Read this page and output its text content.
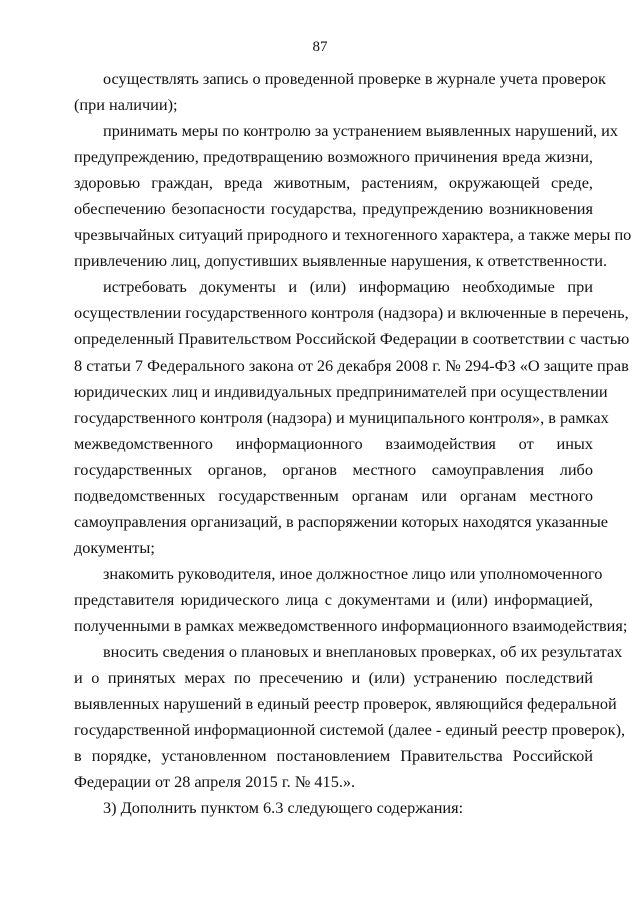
87
осуществлять запись о проведенной проверке в журнале учета проверок
(при наличии);
принимать меры по контролю за устранением выявленных нарушений, их
предупреждению, предотвращению возможного причинения вреда жизни,
здоровью граждан, вреда животным, растениям, окружающей среде,
обеспечению безопасности государства, предупреждению возникновения
чрезвычайных ситуаций природного и техногенного характера, а также меры по
привлечению лиц, допустивших выявленные нарушения, к ответственности.
истребовать документы и (или) информацию необходимые при
осуществлении государственного контроля (надзора) и включенные в перечень,
определенный Правительством Российской Федерации в соответствии с частью
8 статьи 7 Федерального закона от 26 декабря 2008 г. № 294-ФЗ «О защите прав
юридических лиц и индивидуальных предпринимателей при осуществлении
государственного контроля (надзора) и муниципального контроля», в рамках
межведомственного информационного взаимодействия от иных
государственных органов, органов местного самоуправления либо
подведомственных государственным органам или органам местного
самоуправления организаций, в распоряжении которых находятся указанные
документы;
знакомить руководителя, иное должностное лицо или уполномоченного
представителя юридического лица с документами и (или) информацией,
полученными в рамках межведомственного информационного взаимодействия;
вносить сведения о плановых и внеплановых проверках, об их результатах
и о принятых мерах по пресечению и (или) устранению последствий
выявленных нарушений в единый реестр проверок, являющийся федеральной
государственной информационной системой (далее - единый реестр проверок),
в порядке, установленном постановлением Правительства Российской
Федерации от 28 апреля 2015 г. № 415.».
3) Дополнить пунктом 6.3 следующего содержания:
